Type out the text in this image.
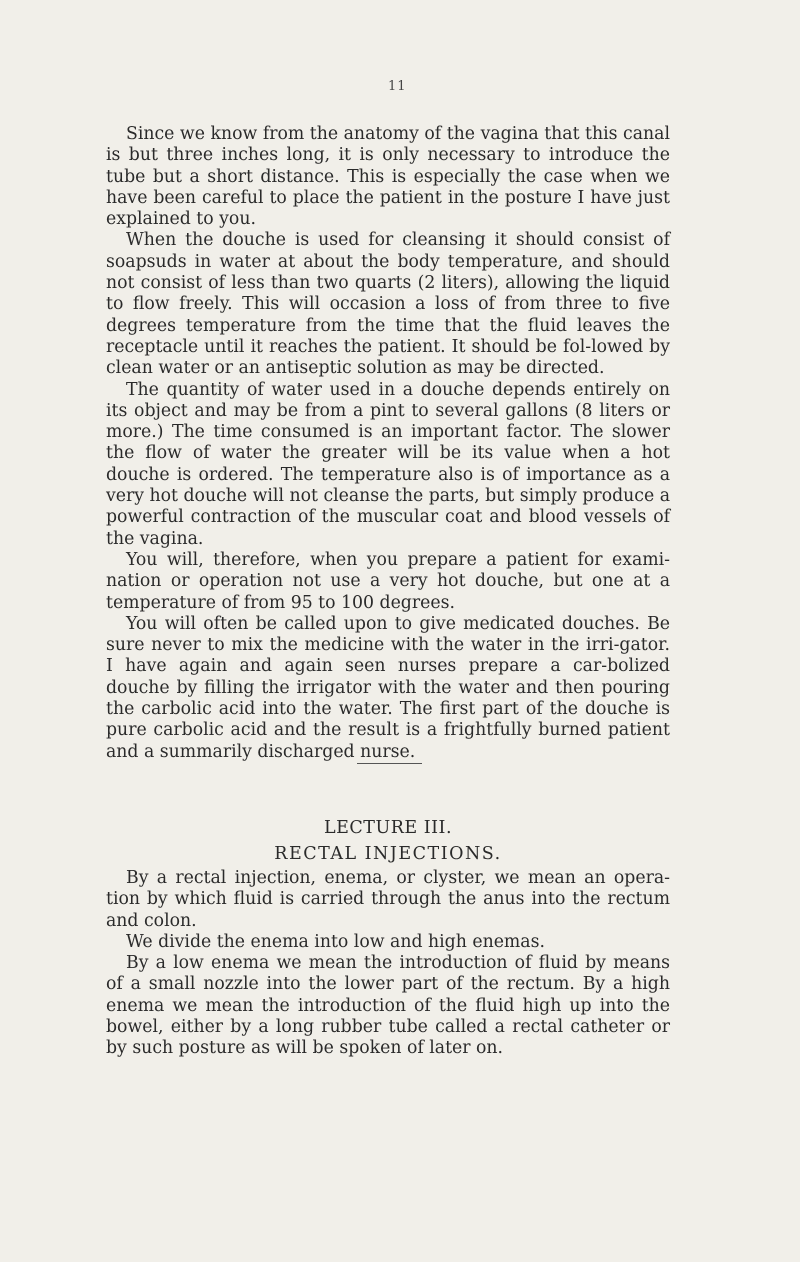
11

Since we know from the anatomy of the vagina that this canal is but three inches long, it is only necessary to introduce the tube but a short distance. This is especially the case when we have been careful to place the patient in the posture I have just explained to you.

When the douche is used for cleansing it should consist of soapsuds in water at about the body temperature, and should not consist of less than two quarts (2 liters), allowing the liquid to flow freely. This will occasion a loss of from three to five degrees temperature from the time that the fluid leaves the receptacle until it reaches the patient. It should be fol-lowed by clean water or an antiseptic solution as may be directed.

The quantity of water used in a douche depends entirely on its object and may be from a pint to several gallons (8 liters or more.) The time consumed is an important factor. The slower the flow of water the greater will be its value when a hot douche is ordered. The temperature also is of importance as a very hot douche will not cleanse the parts, but simply produce a powerful contraction of the muscular coat and blood vessels of the vagina.

You will, therefore, when you prepare a patient for exami-nation or operation not use a very hot douche, but one at a temperature of from 95 to 100 degrees.

You will often be called upon to give medicated douches. Be sure never to mix the medicine with the water in the irri-gator. I have again and again seen nurses prepare a car-bolized douche by filling the irrigator with the water and then pouring the carbolic acid into the water. The first part of the douche is pure carbolic acid and the result is a frightfully burned patient and a summarily discharged nurse.

LECTURE III.
RECTAL INJECTIONS.

By a rectal injection, enema, or clyster, we mean an opera-tion by which fluid is carried through the anus into the rectum and colon.

We divide the enema into low and high enemas.

By a low enema we mean the introduction of fluid by means of a small nozzle into the lower part of the rectum. By a high enema we mean the introduction of the fluid high up into the bowel, either by a long rubber tube called a rectal catheter or by such posture as will be spoken of later on.
